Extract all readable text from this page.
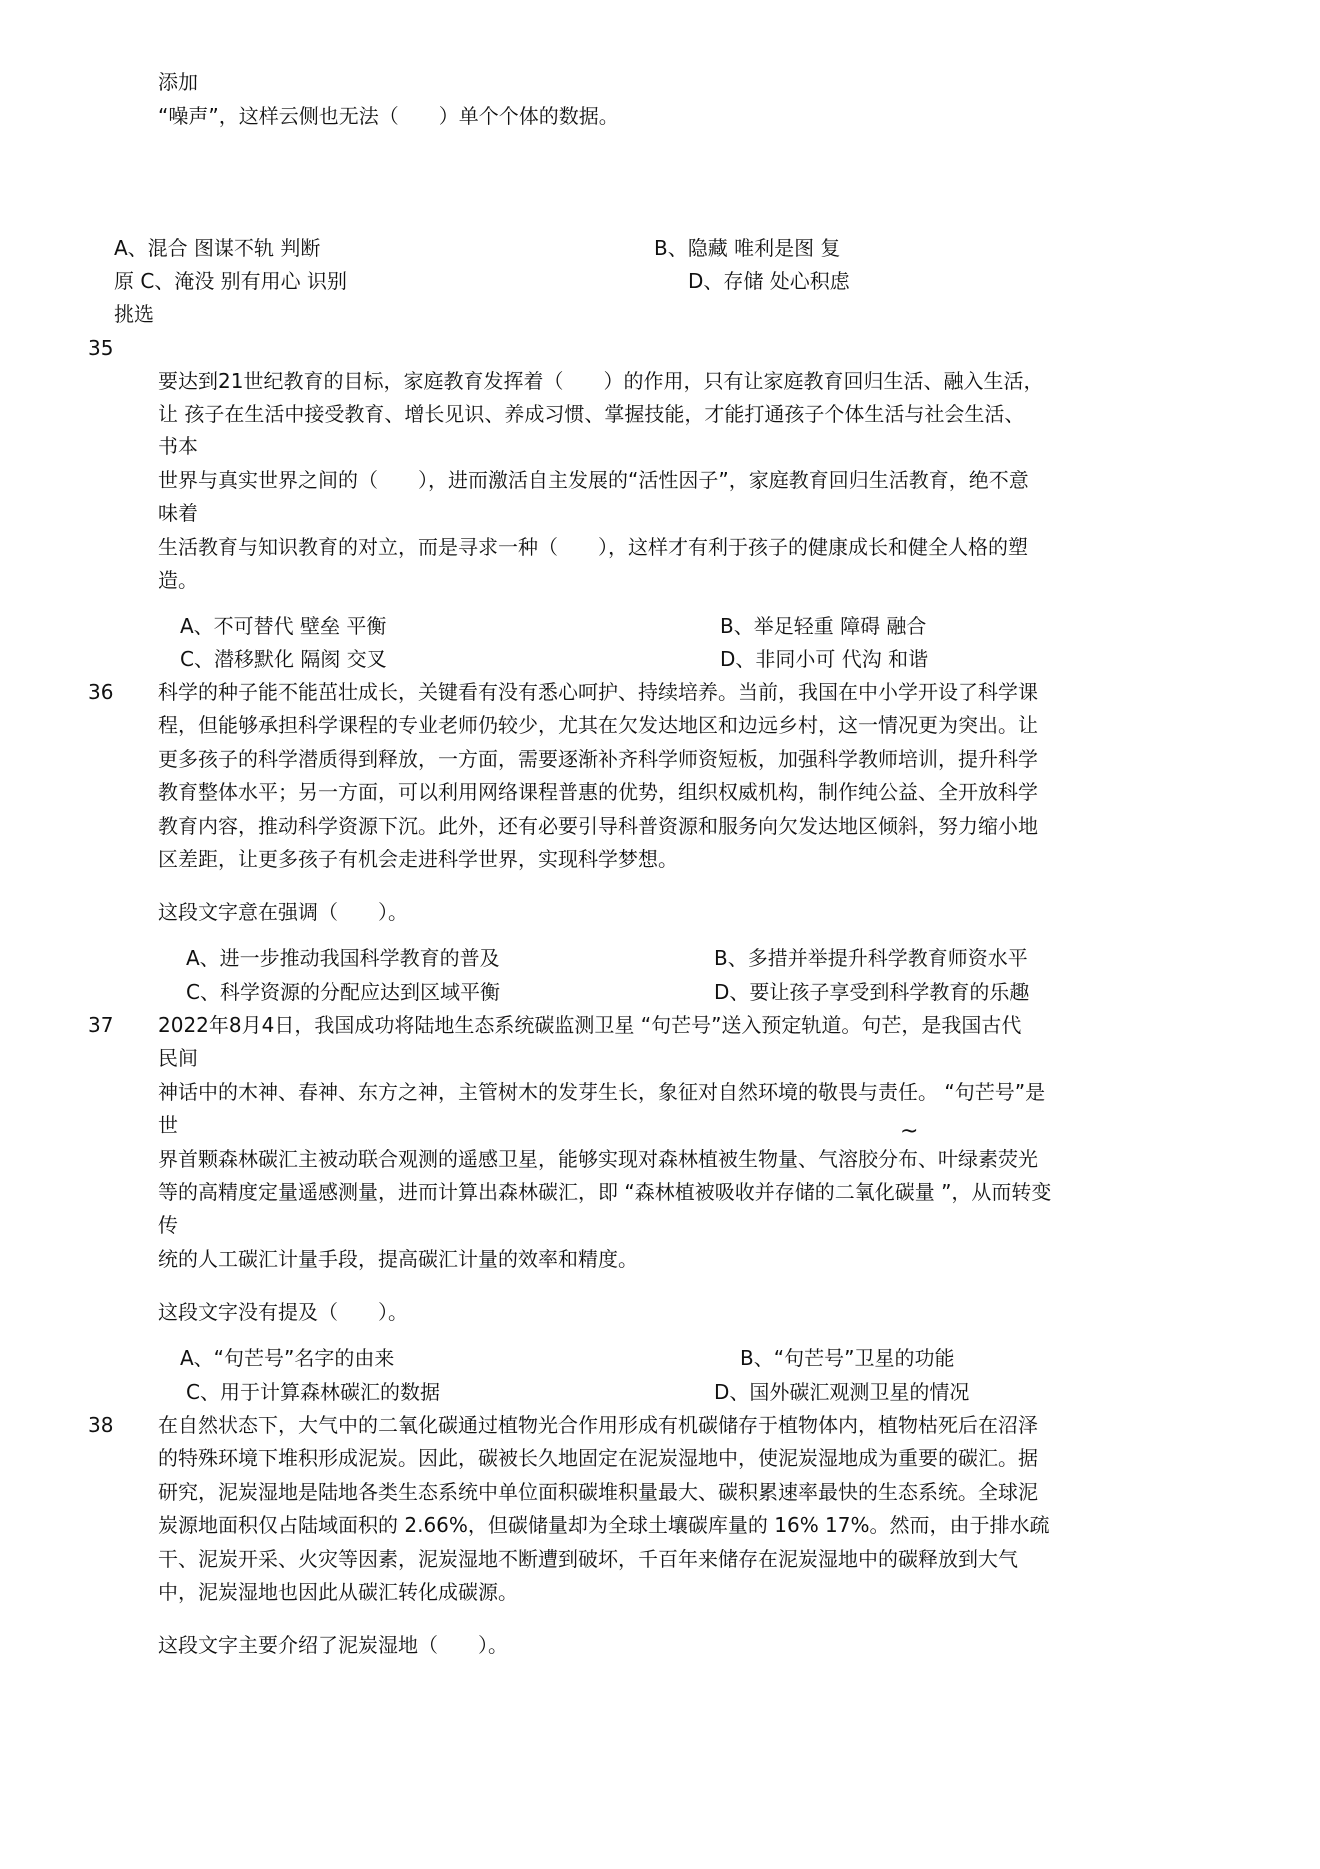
添加
“噪声”，这样云侧也无法（　　）单个个体的数据。
A、混合 图谋不轨 判断	B、隐藏 唯利是图 复
原 C、淹没 别有用心 识别	D、存储 处心积虑
挑选
35
要达到21世纪教育的目标，家庭教育发挥着（　　）的作用，只有让家庭教育回归生活、融入生活，
让 孩子在生活中接受教育、增长见识、养成习惯、掌握技能，才能打通孩子个体生活与社会生活、
书本
世界与真实世界之间的（　　），进而激活自主发展的“活性因子”，家庭教育回归生活教育，绝不意
味着
生活教育与知识教育的对立，而是寻求一种（　　），这样才有利于孩子的健康成长和健全人格的塑
造。
A、不可替代 壁垒 平衡	B、举足轻重 障碍 融合
C、潜移默化 隔阂 交叉	D、非同小可 代沟 和谐
36 科学的种子能不能茁壮成长，关键看有没有悉心呵护、持续培养。当前，我国在中小学开设了科学课
程，但能够承担科学课程的专业老师仍较少，尤其在欠发达地区和边远乡村，这一情况更为突出。让
更多孩子的科学潜质得到释放，一方面，需要逐渐补齐科学师资短板，加强科学教师培训，提升科学
教育整体水平；另一方面，可以利用网络课程普惠的优势，组织权威机构，制作纯公益、全开放科学
教育内容，推动科学资源下沉。此外，还有必要引导科普资源和服务向欠发达地区倾斜，努力缩小地
区差距，让更多孩子有机会走进科学世界，实现科学梦想。
这段文字意在强调（　　）。
A、进一步推动我国科学教育的普及	B、多措并举提升科学教育师资水平
C、科学资源的分配应达到区域平衡	D、要让孩子享受到科学教育的乐趣
37 2022年8月4日，我国成功将陆地生态系统碳监测卫星 “句芒号”送入预定轨道。句芒，是我国古代
民间
神话中的木神、春神、东方之神，主管树木的发芽生长，象征对自然环境的敬畏与责任。 “句芒号”是
世	~
界首颗森林碳汇主被动联合观测的遥感卫星，能够实现对森林植被生物量、气溶胶分布、叶绿素荧光
等的高精度定量遥感测量，进而计算出森林碳汇，即 “森林植被吸收并存储的二氧化碳量 ”，从而转变
传
统的人工碳汇计量手段，提高碳汇计量的效率和精度。
这段文字没有提及（　　）。
A、“句芒号”名字的由来	B、“句芒号”卫星的功能
C、用于计算森林碳汇的数据	D、国外碳汇观测卫星的情况
38 在自然状态下，大气中的二氧化碳通过植物光合作用形成有机碳储存于植物体内，植物枯死后在沼泽
的特殊环境下堆积形成泥炭。因此，碳被长久地固定在泥炭湿地中，使泥炭湿地成为重要的碳汇。据
研究，泥炭湿地是陆地各类生态系统中单位面积碳堆积量最大、碳积累速率最快的生态系统。全球泥
炭源地面积仅占陆域面积的 2.66%，但碳储量却为全球土壤碳库量的 16% 17%。然而，由于排水疏
干、泥炭开采、火灾等因素，泥炭湿地不断遭到破坏，千百年来储存在泥炭湿地中的碳释放到大气
中，泥炭湿地也因此从碳汇转化成碳源。
这段文字主要介绍了泥炭湿地（　　）。
